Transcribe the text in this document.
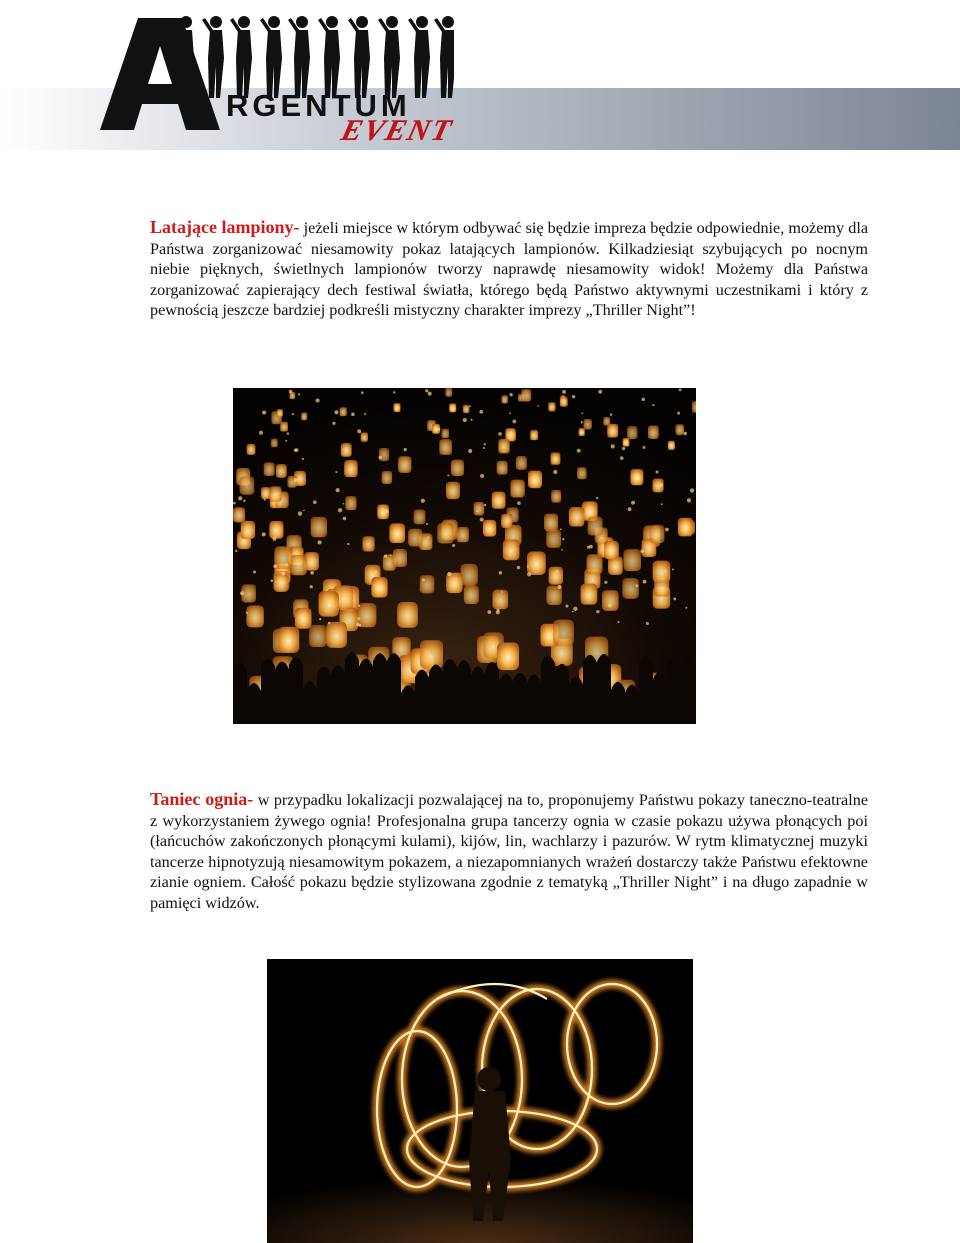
RGENTUM
EVENT

Latające lampiony- jeżeli miejsce w którym odbywać się będzie impreza będzie odpowiednie, możemy dla Państwa zorganizować niesamowity pokaz latających lampionów. Kilkadziesiąt szybujących po nocnym niebie pięknych, świetlnych lampionów tworzy naprawdę niesamowity widok! Możemy dla Państwa zorganizować zapierający dech festiwal światła, którego będą Państwo aktywnymi uczestnikami i który z pewnością jeszcze bardziej podkreśli mistyczny charakter imprezy „Thriller Night”!

Taniec ognia- w przypadku lokalizacji pozwalającej na to, proponujemy Państwu pokazy taneczno-teatralne z wykorzystaniem żywego ognia! Profesjonalna grupa tancerzy ognia w czasie pokazu używa płonących poi (łańcuchów zakończonych płonącymi kulami), kijów, lin, wachlarzy i pazurów. W rytm klimatycznej muzyki tancerze hipnotyzują niesamowitym pokazem, a niezapomnianych wrażeń dostarczy także Państwu efektowne zianie ogniem. Całość pokazu będzie stylizowana zgodnie z tematyką „Thriller Night” i na długo zapadnie w pamięci widzów.
